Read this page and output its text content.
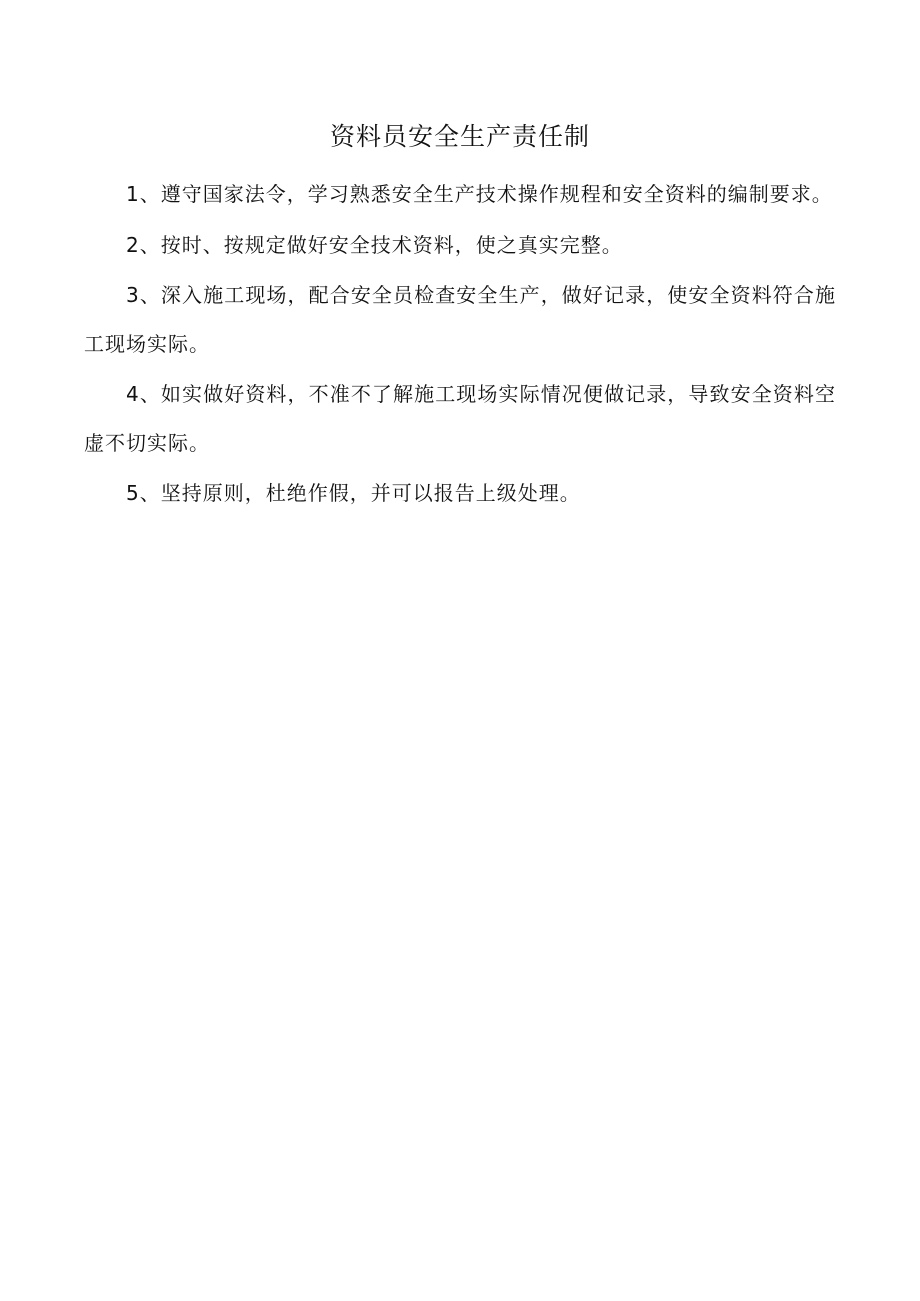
资料员安全生产责任制

1、遵守国家法令，学习熟悉安全生产技术操作规程和安全资料的编制要求。

2、按时、按规定做好安全技术资料，使之真实完整。

3、深入施工现场，配合安全员检查安全生产，做好记录，使安全资料符合施工现场实际。

4、如实做好资料，不准不了解施工现场实际情况便做记录，导致安全资料空虚不切实际。

5、坚持原则，杜绝作假，并可以报告上级处理。
